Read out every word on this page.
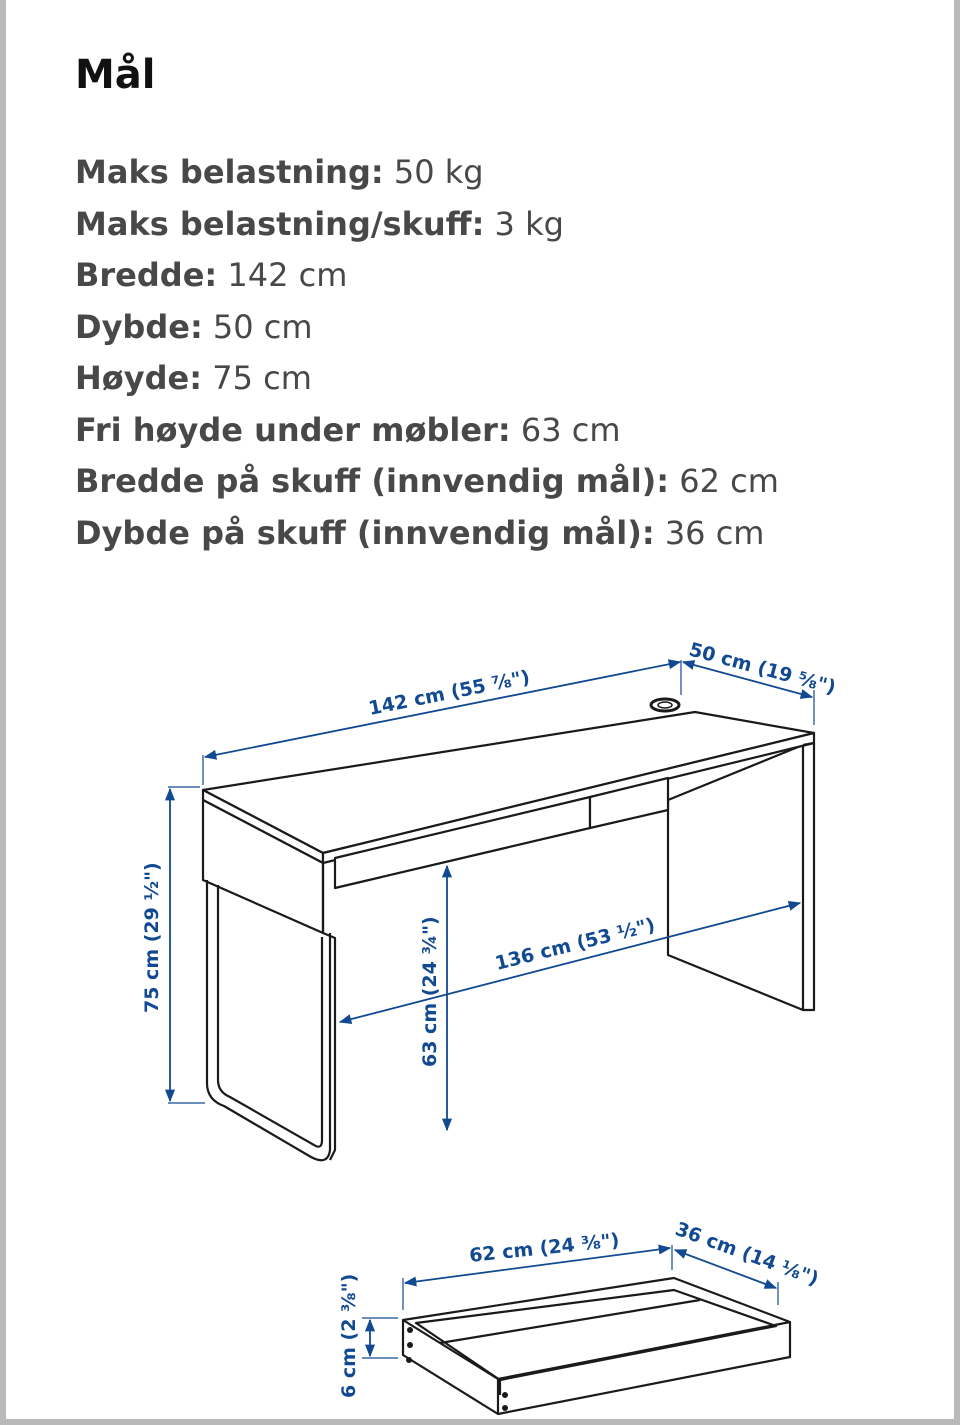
Mål
Maks belastning: 50 kg
Maks belastning/skuff: 3 kg
Bredde: 142 cm
Dybde: 50 cm
Høyde: 75 cm
Fri høyde under møbler: 63 cm
Bredde på skuff (innvendig mål): 62 cm
Dybde på skuff (innvendig mål): 36 cm
142 cm (55 ⅞")	50 cm (19 ⅝")
75 cm (29 ½")	63 cm (24 ¾")	136 cm (53 ½")
62 cm (24 ⅜")	36 cm (14 ⅛")
6 cm (2 ⅜")
